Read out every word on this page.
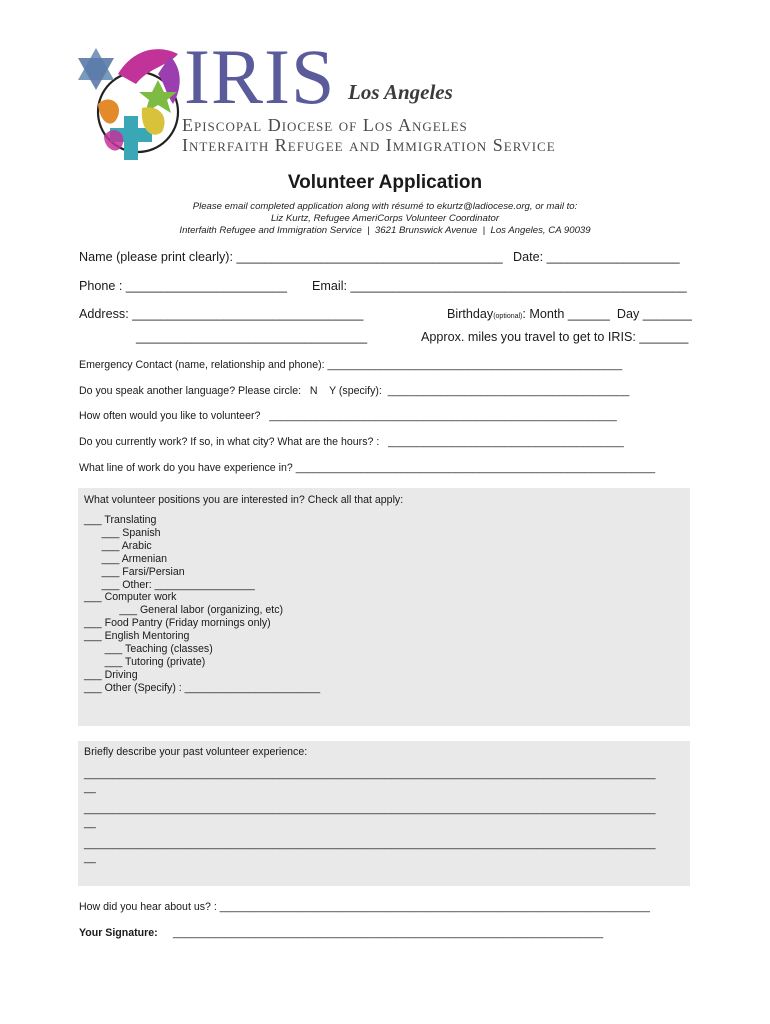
IRIS Los Angeles
Episcopal Diocese of Los Angeles
Interfaith Refugee and Immigration Service
Volunteer Application
Please email completed application along with résumé to ekurtz@ladiocese.org, or mail to:
Liz Kurtz, Refugee AmeriCorps Volunteer Coordinator
Interfaith Refugee and Immigration Service  |  3621 Brunswick Avenue  |  Los Angeles, CA 90039
Name (please print clearly): ______________________________________ Date: ___________________
Phone : _______________________ Email: ________________________________________________
Address: _________________________________	Birthday(optional): Month ______  Day _______
_________________________________	Approx. miles you travel to get to IRIS: _______
Emergency Contact (name, relationship and phone): __________________________________________________
Do you speak another language? Please circle:   N    Y (specify):  _________________________________________
How often would you like to volunteer?   ___________________________________________________________
Do you currently work? If so, in what city? What are the hours? :   ________________________________________
What line of work do you have experience in? _____________________________________________________________
What volunteer positions you are interested in? Check all that apply:
___ Translating
___ Spanish
___ Arabic
___ Armenian
___ Farsi/Persian
___ Other: _________________
___ Computer work
___ General labor (organizing, etc)
___ Food Pantry (Friday mornings only)
___ English Mentoring
___ Teaching (classes)
___ Tutoring (private)
___ Driving
___ Other (Specify) : _______________________
Briefly describe your past volunteer experience:
_________________________________________________________________________________________________
__
_________________________________________________________________________________________________
__
_________________________________________________________________________________________________
__
How did you hear about us? : _________________________________________________________________________
Your Signature: _________________________________________________________________________
